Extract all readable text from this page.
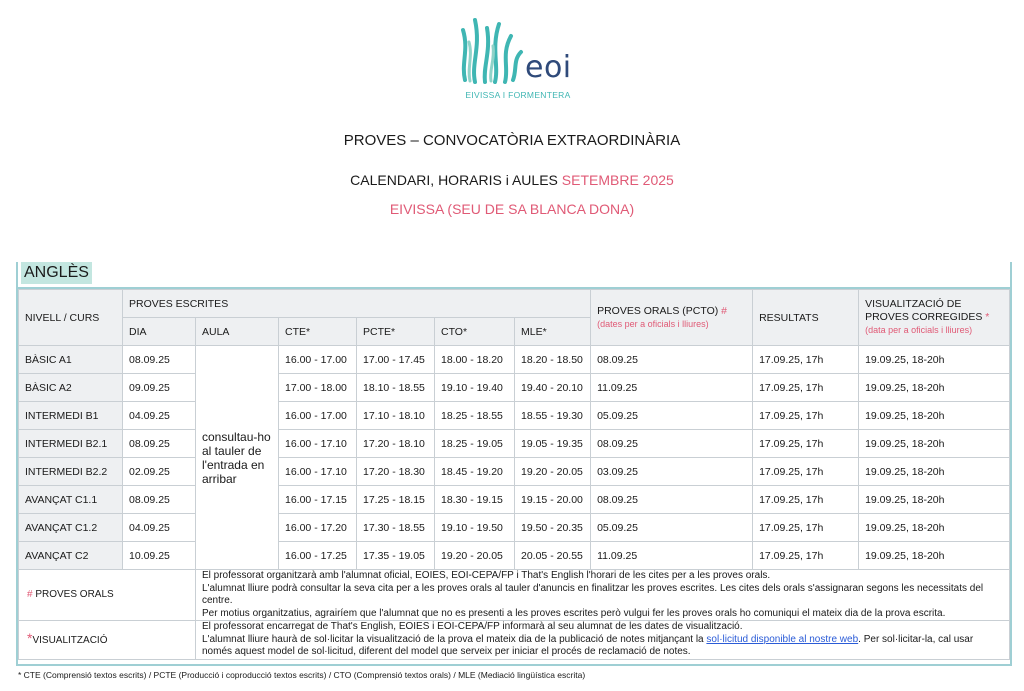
eoi
EIVISSA I FORMENTERA
PROVES – CONVOCATÒRIA EXTRAORDINÀRIA
CALENDARI, HORARIS i AULES SETEMBRE 2025
EIVISSA (SEU DE SA BLANCA DONA)
ANGLÈS
NIVELL / CURS	PROVES ESCRITES						PROVES ORALS (PCTO) #
(dates per a oficials i lliures)	RESULTATS	VISUALITZACIÓ DE PROVES CORREGIDES *
(data per a oficials i lliures)
	DIA	AULA	CTE*	PCTE*	CTO*	MLE*			
BÀSIC A1	08.09.25	consultau-ho al tauler de l'entrada en arribar	16.00 - 17.00	17.00 - 17.45	18.00 - 18.20	18.20 - 18.50	08.09.25	17.09.25, 17h	19.09.25, 18-20h
BÀSIC A2	09.09.25		17.00 - 18.00	18.10 - 18.55	19.10 - 19.40	19.40 - 20.10	11.09.25	17.09.25, 17h	19.09.25, 18-20h
INTERMEDI B1	04.09.25		16.00 - 17.00	17.10 - 18.10	18.25 - 18.55	18.55 - 19.30	05.09.25	17.09.25, 17h	19.09.25, 18-20h
INTERMEDI B2.1	08.09.25		16.00 - 17.10	17.20 - 18.10	18.25 - 19.05	19.05 - 19.35	08.09.25	17.09.25, 17h	19.09.25, 18-20h
INTERMEDI B2.2	02.09.25		16.00 - 17.10	17.20 - 18.30	18.45 - 19.20	19.20 - 20.05	03.09.25	17.09.25, 17h	19.09.25, 18-20h
AVANÇAT C1.1	08.09.25		16.00 - 17.15	17.25 - 18.15	18.30 - 19.15	19.15 - 20.00	08.09.25	17.09.25, 17h	19.09.25, 18-20h
AVANÇAT C1.2	04.09.25		16.00 - 17.20	17.30 - 18.55	19.10 - 19.50	19.50 - 20.35	05.09.25	17.09.25, 17h	19.09.25, 18-20h
AVANÇAT C2	10.09.25		16.00 - 17.25	17.35 - 19.05	19.20 - 20.05	20.05 - 20.55	11.09.25	17.09.25, 17h	19.09.25, 18-20h
# PROVES ORALS		El professorat organitzarà amb l'alumnat oficial, EOIES, EOI-CEPA/FP i That's English l'horari de les cites per a les proves orals.
L'alumnat lliure podrà consultar la seva cita per a les proves orals al tauler d'anuncis en finalitzar les proves escrites. Les cites dels orals s'assignaran segons les necessitats del centre.
Per motius organitzatius, agrairíem que l'alumnat que no es presenti a les proves escrites però vulgui fer les proves orals ho comuniqui el mateix dia de la prova escrita.							

*VISUALITZACIÓ		El professorat encarregat de That's English, EOIES i EOI-CEPA/FP informarà al seu alumnat de les dates de visualització.
L'alumnat lliure haurà de sol·licitar la visualització de la prova el mateix dia de la publicació de notes mitjançant la sol·licitud disponible al nostre web. Per sol·licitar-la, cal usar només aquest model de sol·licitud, diferent del model que serveix per iniciar el procés de reclamació de notes.							
* CTE (Comprensió textos escrits) / PCTE (Producció i coproducció textos escrits) / CTO (Comprensió textos orals) / MLE (Mediació lingüística escrita)
